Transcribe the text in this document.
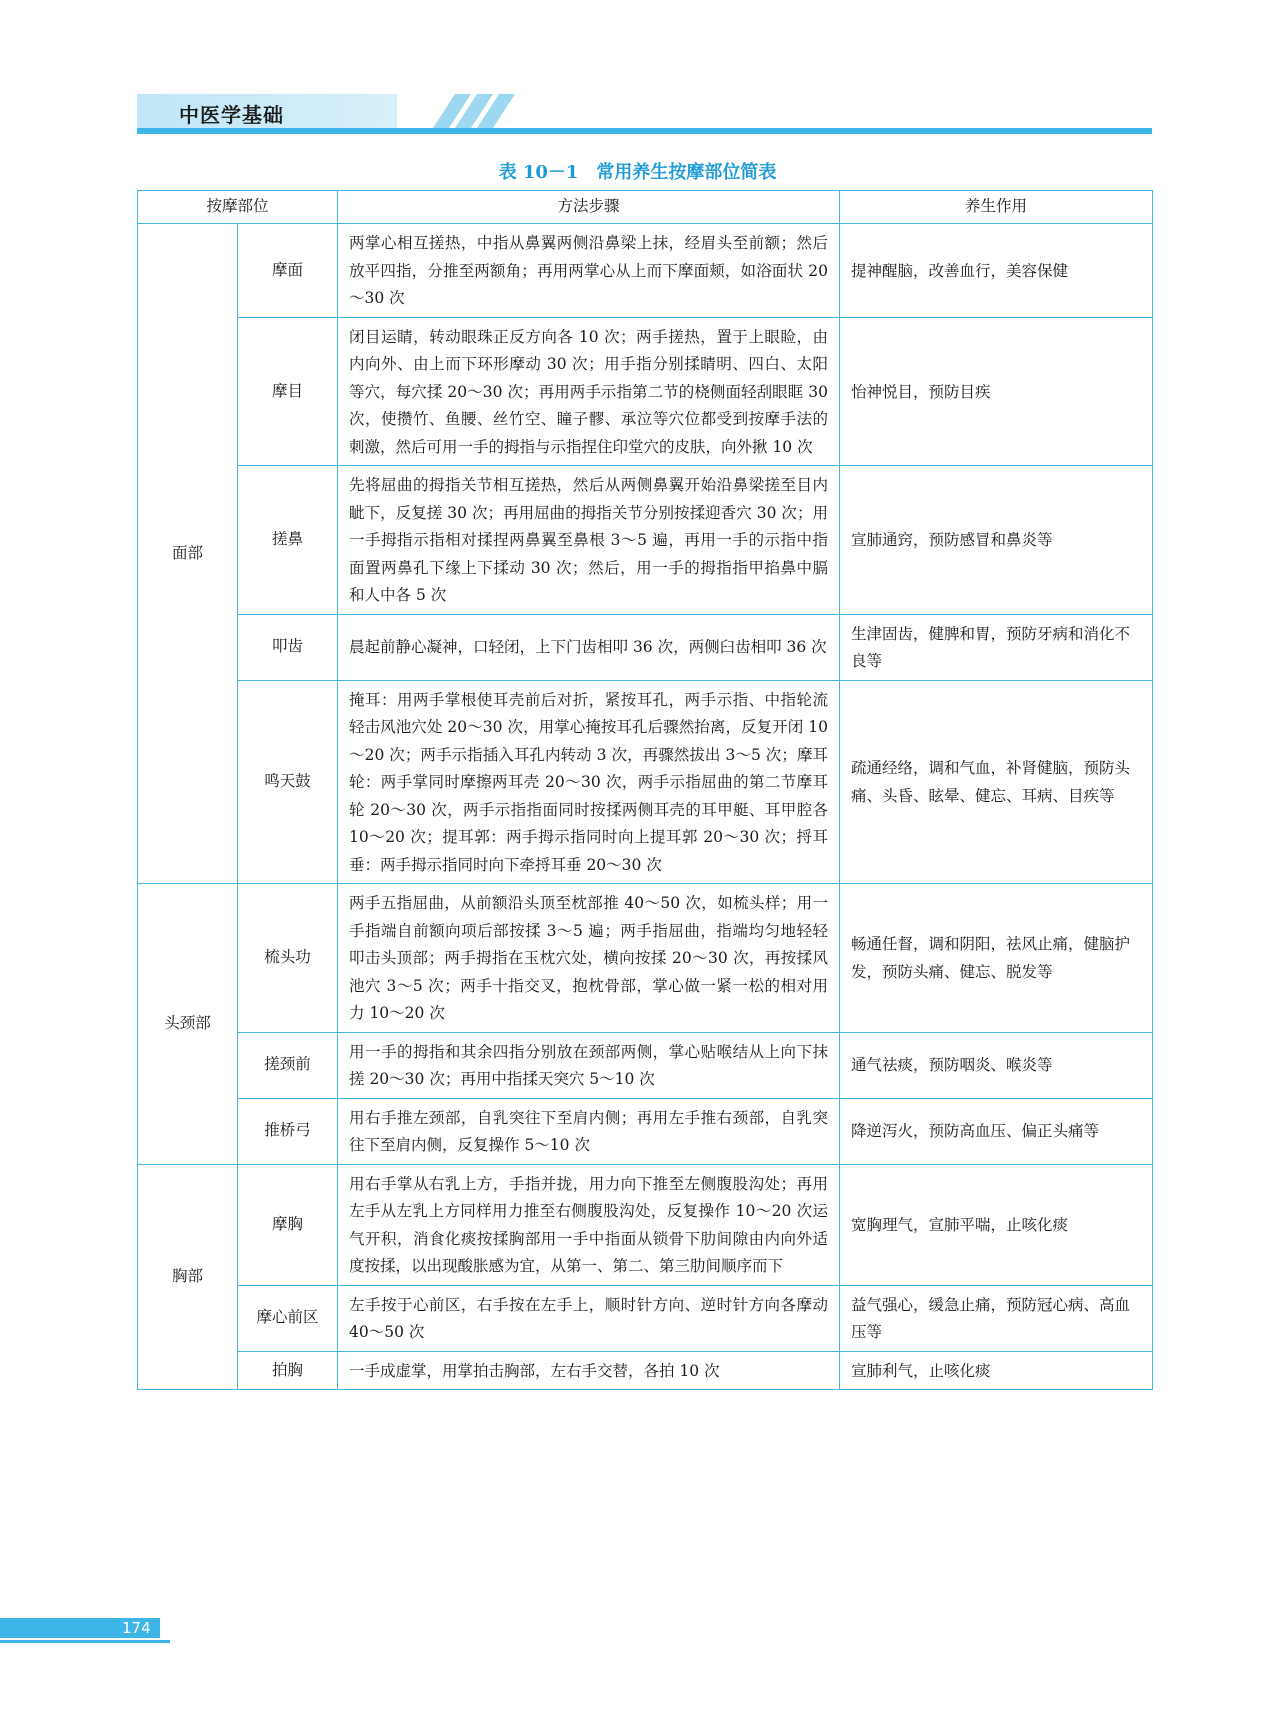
中医学基础
表 10－1　常用养生按摩部位简表
按摩部位		方法步骤	养生作用
面部	摩面	两掌心相互搓热，中指从鼻翼两侧沿鼻梁上抹，经眉头至前额；然后放平四指，分推至两额角；再用两掌心从上而下摩面颊，如浴面状 20～30 次	提神醒脑，改善血行，美容保健
	摩目	闭目运睛，转动眼珠正反方向各 10 次；两手搓热，置于上眼睑，由内向外、由上而下环形摩动 30 次；用手指分别揉睛明、四白、太阳等穴，每穴揉 20～30 次；再用两手示指第二节的桡侧面轻刮眼眶 30 次，使攒竹、鱼腰、丝竹空、瞳子髎、承泣等穴位都受到按摩手法的刺激，然后可用一手的拇指与示指捏住印堂穴的皮肤，向外揪 10 次	怡神悦目，预防目疾
	搓鼻	先将屈曲的拇指关节相互搓热，然后从两侧鼻翼开始沿鼻梁搓至目内眦下，反复搓 30 次；再用屈曲的拇指关节分别按揉迎香穴 30 次；用一手拇指示指相对揉捏两鼻翼至鼻根 3～5 遍，再用一手的示指中指面置两鼻孔下缘上下揉动 30 次；然后，用一手的拇指指甲掐鼻中膈和人中各 5 次	宣肺通窍，预防感冒和鼻炎等
	叩齿	晨起前静心凝神，口轻闭，上下门齿相叩 36 次，两侧臼齿相叩 36 次	生津固齿，健脾和胃，预防牙病和消化不良等
	鸣天鼓	掩耳：用两手掌根使耳壳前后对折，紧按耳孔，两手示指、中指轮流轻击风池穴处 20～30 次，用掌心掩按耳孔后骤然抬离，反复开闭 10～20 次；两手示指插入耳孔内转动 3 次，再骤然拔出 3～5 次；摩耳轮：两手掌同时摩擦两耳壳 20～30 次，两手示指屈曲的第二节摩耳轮 20～30 次，两手示指指面同时按揉两侧耳壳的耳甲艇、耳甲腔各 10～20 次；提耳郭：两手拇示指同时向上提耳郭 20～30 次；捋耳垂：两手拇示指同时向下牵捋耳垂 20～30 次	疏通经络，调和气血，补肾健脑，预防头痛、头昏、眩晕、健忘、耳病、目疾等
头颈部	梳头功	两手五指屈曲，从前额沿头顶至枕部推 40～50 次，如梳头样；用一手指端自前额向项后部按揉 3～5 遍；两手指屈曲，指端均匀地轻轻叩击头顶部；两手拇指在玉枕穴处，横向按揉 20～30 次，再按揉风池穴 3～5 次；两手十指交叉，抱枕骨部，掌心做一紧一松的相对用力 10～20 次	畅通任督，调和阴阳，祛风止痛，健脑护发，预防头痛、健忘、脱发等
	搓颈前	用一手的拇指和其余四指分别放在颈部两侧，掌心贴喉结从上向下抹搓 20～30 次；再用中指揉天突穴 5～10 次	通气祛痰，预防咽炎、喉炎等
	推桥弓	用右手推左颈部，自乳突往下至肩内侧；再用左手推右颈部，自乳突往下至肩内侧，反复操作 5～10 次	降逆泻火，预防高血压、偏正头痛等
胸部	摩胸	用右手掌从右乳上方，手指并拢，用力向下推至左侧腹股沟处；再用左手从左乳上方同样用力推至右侧腹股沟处，反复操作 10～20 次运气开积，消食化痰按揉胸部用一手中指面从锁骨下肋间隙由内向外适度按揉，以出现酸胀感为宜，从第一、第二、第三肋间顺序而下	宽胸理气，宣肺平喘，止咳化痰
	摩心前区	左手按于心前区，右手按在左手上，顺时针方向、逆时针方向各摩动 40～50 次	益气强心，缓急止痛，预防冠心病、高血压等
	拍胸	一手成虚掌，用掌拍击胸部，左右手交替，各拍 10 次	宣肺利气，止咳化痰
174
